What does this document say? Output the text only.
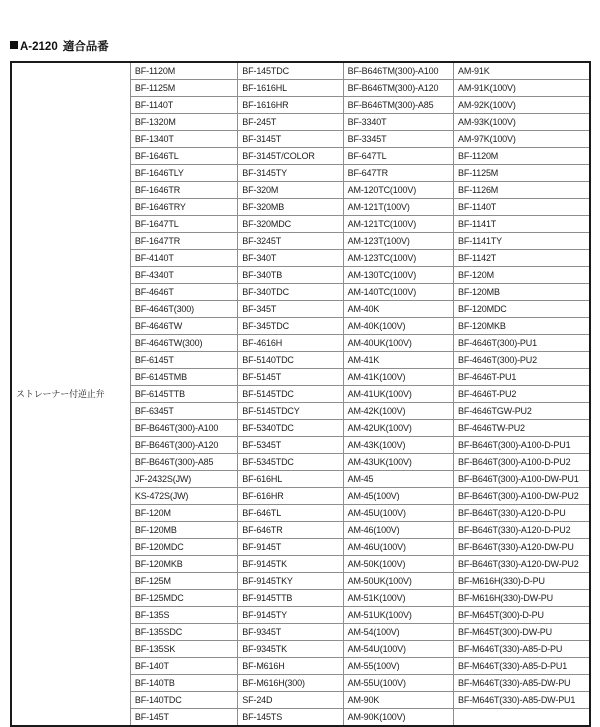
A-2120 適合品番
ストレーナー付逆止弁	BF-1120M	BF-145TDC	BF-B646TM(300)-A100	AM-91K
	BF-1125M	BF-1616HL	BF-B646TM(300)-A120	AM-91K(100V)
	BF-1140T	BF-1616HR	BF-B646TM(300)-A85	AM-92K(100V)
	BF-1320M	BF-245T	BF-3340T	AM-93K(100V)
	BF-1340T	BF-3145T	BF-3345T	AM-97K(100V)
	BF-1646TL	BF-3145T/COLOR	BF-647TL	BF-1120M
	BF-1646TLY	BF-3145TY	BF-647TR	BF-1125M
	BF-1646TR	BF-320M	AM-120TC(100V)	BF-1126M
	BF-1646TRY	BF-320MB	AM-121T(100V)	BF-1140T
	BF-1647TL	BF-320MDC	AM-121TC(100V)	BF-1141T
	BF-1647TR	BF-3245T	AM-123T(100V)	BF-1141TY
	BF-4140T	BF-340T	AM-123TC(100V)	BF-1142T
	BF-4340T	BF-340TB	AM-130TC(100V)	BF-120M
	BF-4646T	BF-340TDC	AM-140TC(100V)	BF-120MB
	BF-4646T(300)	BF-345T	AM-40K	BF-120MDC
	BF-4646TW	BF-345TDC	AM-40K(100V)	BF-120MKB
	BF-4646TW(300)	BF-4616H	AM-40UK(100V)	BF-4646T(300)-PU1
	BF-6145T	BF-5140TDC	AM-41K	BF-4646T(300)-PU2
	BF-6145TMB	BF-5145T	AM-41K(100V)	BF-4646T-PU1
	BF-6145TTB	BF-5145TDC	AM-41UK(100V)	BF-4646T-PU2
	BF-6345T	BF-5145TDCY	AM-42K(100V)	BF-4646TGW-PU2
	BF-B646T(300)-A100	BF-5340TDC	AM-42UK(100V)	BF-4646TW-PU2
	BF-B646T(300)-A120	BF-5345T	AM-43K(100V)	BF-B646T(300)-A100-D-PU1
	BF-B646T(300)-A85	BF-5345TDC	AM-43UK(100V)	BF-B646T(300)-A100-D-PU2
	JF-2432S(JW)	BF-616HL	AM-45	BF-B646T(300)-A100-DW-PU1
	KS-472S(JW)	BF-616HR	AM-45(100V)	BF-B646T(300)-A100-DW-PU2
	BF-120M	BF-646TL	AM-45U(100V)	BF-B646T(330)-A120-D-PU
	BF-120MB	BF-646TR	AM-46(100V)	BF-B646T(330)-A120-D-PU2
	BF-120MDC	BF-9145T	AM-46U(100V)	BF-B646T(330)-A120-DW-PU
	BF-120MKB	BF-9145TK	AM-50K(100V)	BF-B646T(330)-A120-DW-PU2
	BF-125M	BF-9145TKY	AM-50UK(100V)	BF-M616H(330)-D-PU
	BF-125MDC	BF-9145TTB	AM-51K(100V)	BF-M616H(330)-DW-PU
	BF-135S	BF-9145TY	AM-51UK(100V)	BF-M645T(300)-D-PU
	BF-135SDC	BF-9345T	AM-54(100V)	BF-M645T(300)-DW-PU
	BF-135SK	BF-9345TK	AM-54U(100V)	BF-M646T(330)-A85-D-PU
	BF-140T	BF-M616H	AM-55(100V)	BF-M646T(330)-A85-D-PU1
	BF-140TB	BF-M616H(300)	AM-55U(100V)	BF-M646T(330)-A85-DW-PU
	BF-140TDC	SF-24D	AM-90K	BF-M646T(330)-A85-DW-PU1
	BF-145T	BF-145TS	AM-90K(100V)	
